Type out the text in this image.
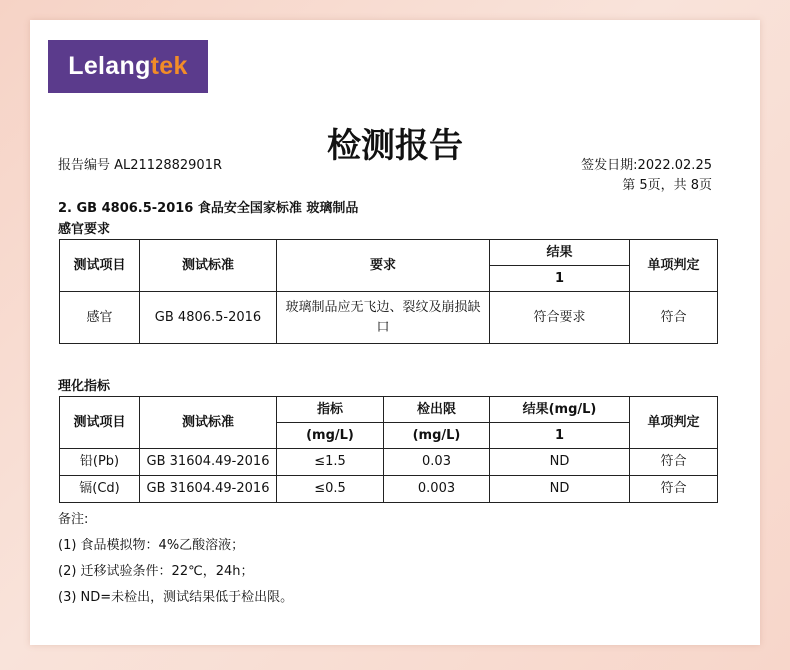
Lelang tek
检测报告
报告编号 AL2112882901R	签发日期:2022.02.25
第 5页，共 8页
2. GB 4806.5-2016 食品安全国家标准 玻璃制品
感官要求
测试项目	测试标准	要求	结果	单项判定
			1	
感官	GB 4806.5-2016	玻璃制品应无飞边、裂纹及崩损缺口	符合要求	符合
理化指标
测试项目	测试标准	指标	检出限	结果(mg/L)	单项判定
		(mg/L)	(mg/L)	1	
铅(Pb)	GB 31604.49-2016	≤1.5	0.03	ND	符合
镉(Cd)	GB 31604.49-2016	≤0.5	0.003	ND	符合
备注:
(1) 食品模拟物：4%乙酸溶液；
(2) 迁移试验条件：22℃，24h；
(3) ND=未检出，测试结果低于检出限。
